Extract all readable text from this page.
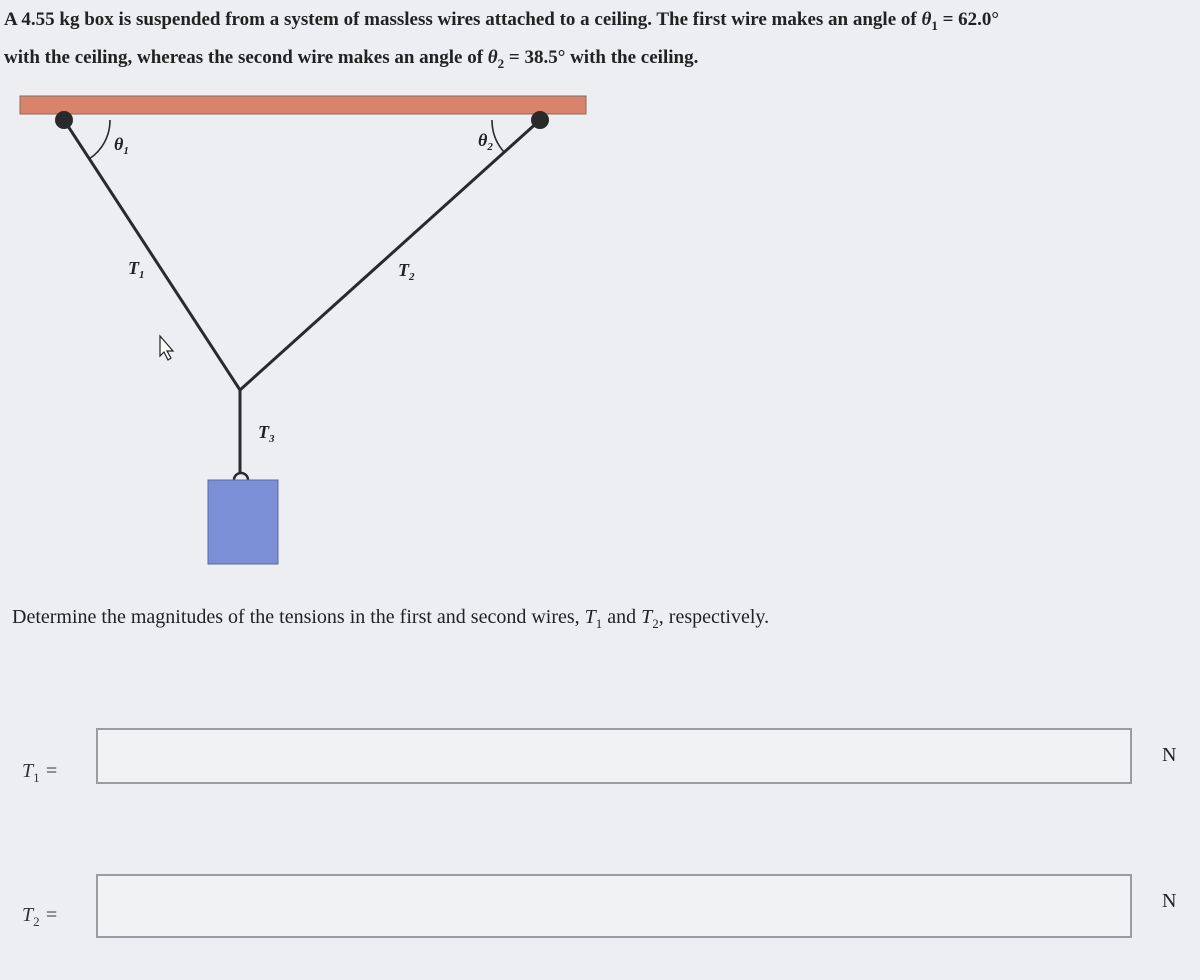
A 4.55 kg box is suspended from a system of massless wires attached to a ceiling. The first wire makes an angle of $\theta_1 = 62.0^\circ$
with the ceiling, whereas the second wire makes an angle of $\theta_2 = 38.5^\circ$ with the ceiling.
$\theta_1$
$\theta_2$
$T_1$	$T_2$
$T_3$
Determine the magnitudes of the tensions in the first and second wires, $T_1$ and $T_2$, respectively.
$T_1$ =
N
$T_2$ =
N
